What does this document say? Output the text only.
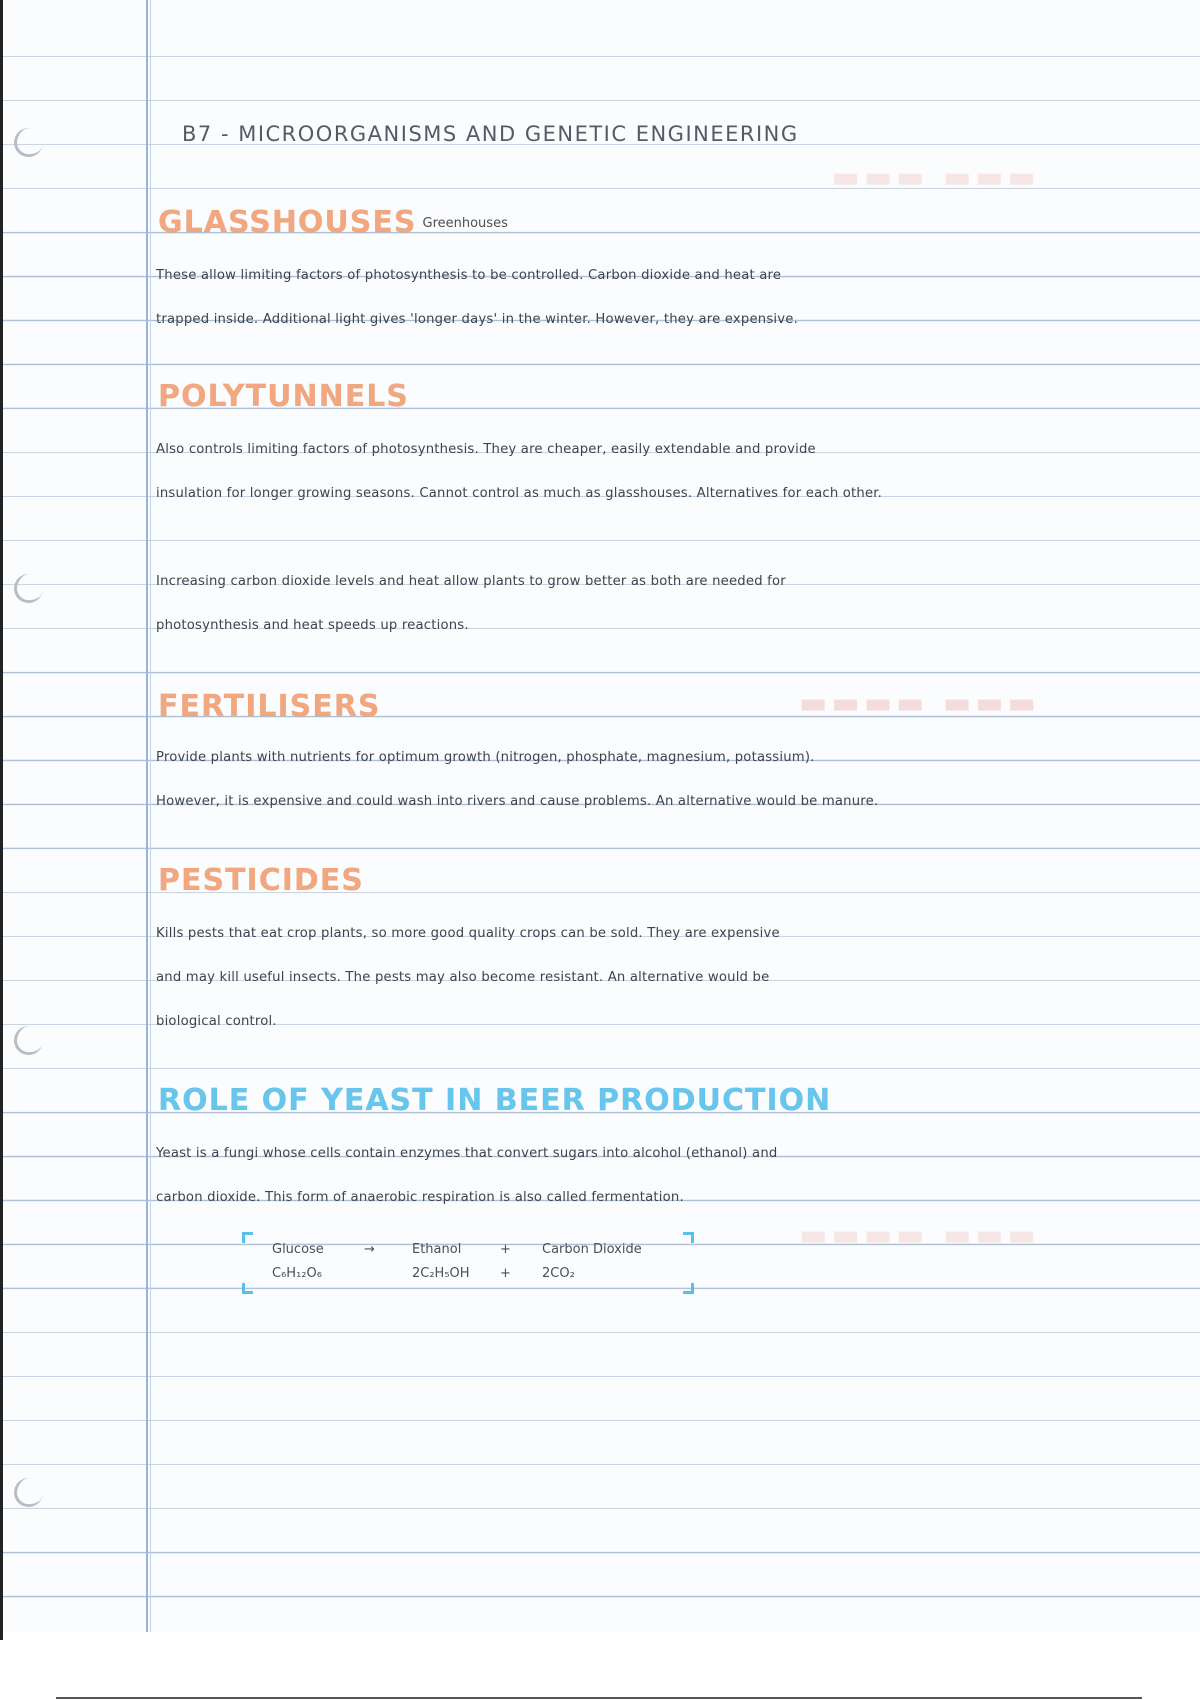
▬▬▬ ▬▬▬
▬▬▬▬ ▬▬▬
▬▬▬▬ ▬▬▬
B7 - MICROORGANISMS AND GENETIC ENGINEERING
GLASSHOUSES Greenhouses

These allow limiting factors of photosynthesis to be controlled. Carbon dioxide and heat are

trapped inside. Additional light gives 'longer days' in the winter. However, they are expensive.

POLYTUNNELS

Also controls limiting factors of photosynthesis. They are cheaper, easily extendable and provide

insulation for longer growing seasons. Cannot control as much as glasshouses. Alternatives for each other.

Increasing carbon dioxide levels and heat allow plants to grow better as both are needed for

photosynthesis and heat speeds up reactions.

FERTILISERS

Provide plants with nutrients for optimum growth (nitrogen, phosphate, magnesium, potassium).

However, it is expensive and could wash into rivers and cause problems. An alternative would be manure.

PESTICIDES

Kills pests that eat crop plants, so more good quality crops can be sold. They are expensive

and may kill useful insects. The pests may also become resistant. An alternative would be

biological control.

ROLE OF YEAST IN BEER PRODUCTION

Yeast is a fungi whose cells contain enzymes that convert sugars into alcohol (ethanol) and

carbon dioxide. This form of anaerobic respiration is also called fermentation.

Glucose	→	Ethanol	+ Carbon Dioxide
C₆H₁₂O₆	2C₂H₅OH + 2CO₂
